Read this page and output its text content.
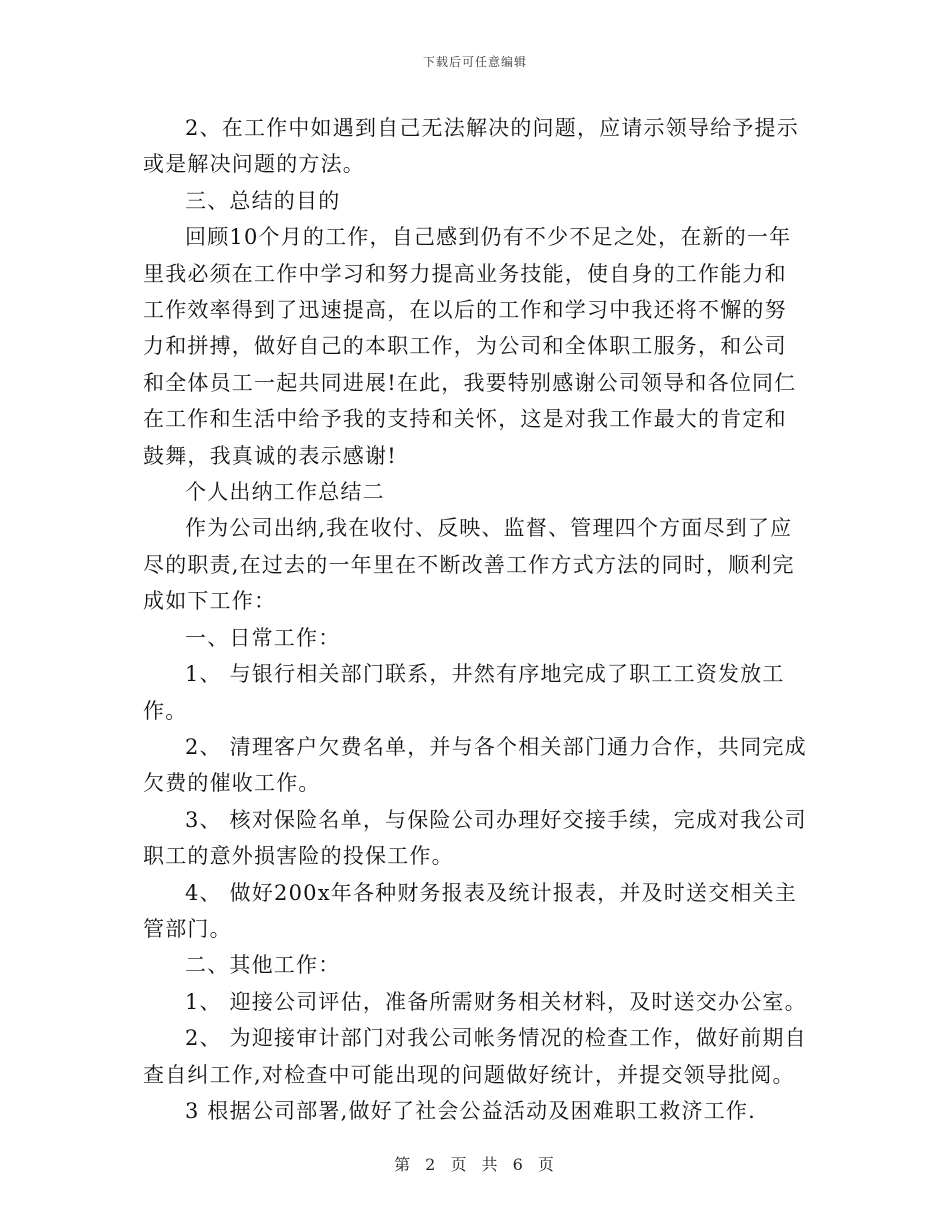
下载后可任意编辑

2、在工作中如遇到自己无法解决的问题，应请示领导给予提示或是解决问题的方法。

三、总结的目的

回顾10个月的工作，自己感到仍有不少不足之处，在新的一年里我必须在工作中学习和努力提高业务技能，使自身的工作能力和工作效率得到了迅速提高，在以后的工作和学习中我还将不懈的努力和拼搏，做好自己的本职工作，为公司和全体职工服务，和公司和全体员工一起共同进展!在此，我要特别感谢公司领导和各位同仁在工作和生活中给予我的支持和关怀，这是对我工作最大的肯定和鼓舞，我真诚的表示感谢!

个人出纳工作总结二

作为公司出纳,我在收付、反映、监督、管理四个方面尽到了应尽的职责,在过去的一年里在不断改善工作方式方法的同时，顺利完成如下工作：

一、日常工作：

1、 与银行相关部门联系，井然有序地完成了职工工资发放工作。

2、 清理客户欠费名单，并与各个相关部门通力合作，共同完成欠费的催收工作。

3、 核对保险名单，与保险公司办理好交接手续，完成对我公司职工的意外损害险的投保工作。

4、 做好200x年各种财务报表及统计报表，并及时送交相关主管部门。

二、其他工作：

1、 迎接公司评估，准备所需财务相关材料，及时送交办公室。

2、 为迎接审计部门对我公司帐务情况的检查工作，做好前期自查自纠工作,对检查中可能出现的问题做好统计，并提交领导批阅。

3 根据公司部署,做好了社会公益活动及困难职工救济工作.

第 2 页 共 6 页
